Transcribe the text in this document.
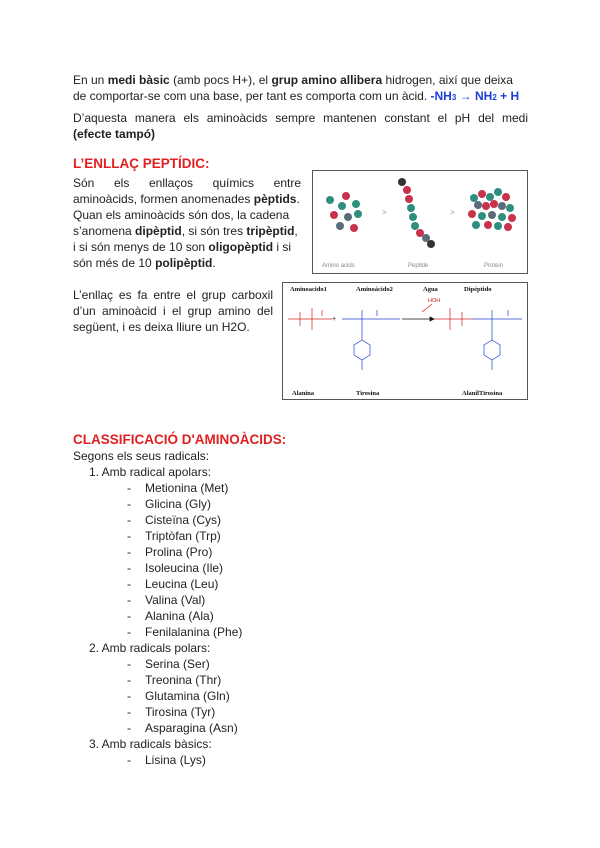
En un medi bàsic (amb pocs H+), el grup amino allibera hidrogen, així que deixa
de comportar-se com una base, per tant es comporta com un àcid. -NH3 → NH2 + H
D’aquesta manera els aminoàcids sempre mantenen constant el pH del medi
(efecte tampó)
L’ENLLAÇ PEPTÍDIC:
Són els enllaços químics entre
aminoàcids, formen anomenades pèptids.
Quan els aminoàcids són dos, la cadena
s’anomena dipèptid, si són tres tripèptid,
i si són menys de 10 son oligopèptid i si
són més de 10 polipèptid.
L’enllaç es fa entre el grup carboxil
d’un aminoàcid i el grup amino del
següent, i es deixa lliure un H2O.
>	>
Amino acids	Peptide	Protein
Aminoacido1	Aminoácido2	Agua	Dipéptido
HOH
+
Alanina	Tirosina	AlanilTirosina
CLASSIFICACIÓ D'AMINOÀCIDS:
Segons els seus radicals:
1. Amb radical apolars:
- Metionina (Met)
- Glicina (Gly)
- Cisteïna (Cys)
- Triptòfan (Trp)
- Prolina (Pro)
- Isoleucina (Ile)
- Leucina (Leu)
- Valina (Val)
- Alanina (Ala)
- Fenilalanina (Phe)
2. Amb radicals polars:
- Serina (Ser)
- Treonina (Thr)
- Glutamina (Gln)
- Tirosina (Tyr)
- Asparagina (Asn)
3. Amb radicals bàsics:
- Lisina (Lys)
